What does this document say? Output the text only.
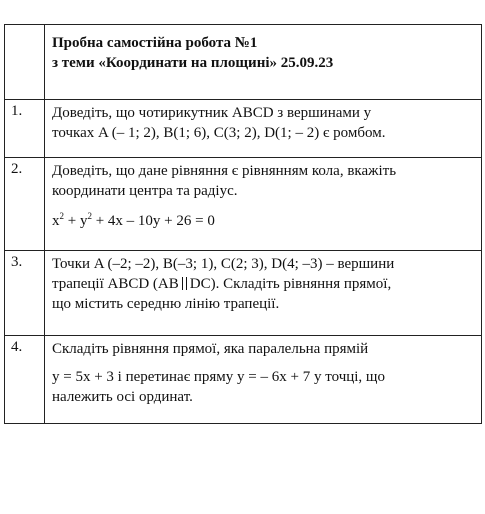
	Пробна самостійна робота №1
з теми «Координати на площині» 25.09.23

1.	Доведіть, що чотирикутник ABCD з вершинами у
точках A (– 1; 2), B(1; 6), C(3; 2), D(1; – 2) є ромбом.

2.	Доведіть, що дане рівняння є рівнянням кола, вкажіть
координати центра та радіус.
$x^2 + y^2 + 4x - 10y + 26 = 0$

3.	Точки A (–2; –2), B(–3; 1), C(2; 3), D(4; –3) – вершини
трапеції ABCD (AB DC). Складіть рівняння прямої,
що містить середню лінію трапеції.

4.	Складіть рівняння прямої, яка паралельна прямій
y = 5x + 3 і перетинає пряму y = – 6x + 7 у точці, що
належить осі ординат.
